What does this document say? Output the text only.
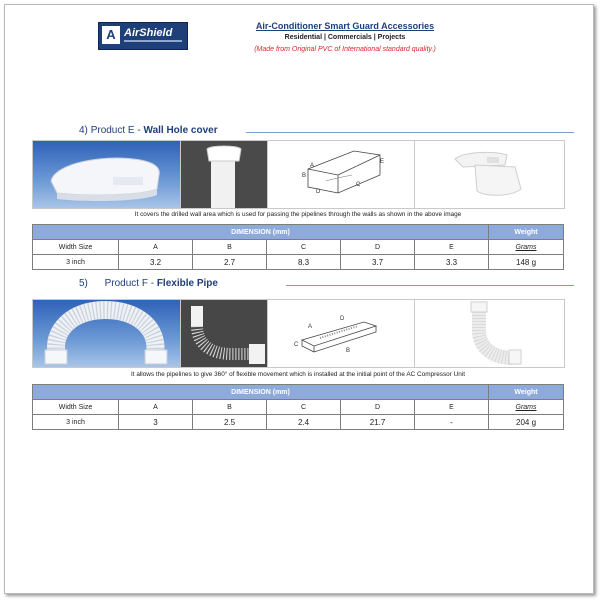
A AirShield
Air-Conditioner Smart Guard Accessories
Residential | Commercials | Projects
(Made from Original PVC of International standard quality.)
4) Product E - Wall Hole cover
A
B
C
D
E
It covers the drilled wall area which is used for passing the pipelines through the walls as shown in the above image
DIMENSION (mm)						Weight
Width Size	A	B	C	D	E	Grams
3 inch	3.2	2.7	8.3	3.7	3.3	148 g
5) Product F - Flexible Pipe
A
B
C
D
It allows the pipelines to give 360° of flexible movement which is installed at the initial point of the AC Compressor Unit
DIMENSION (mm)						Weight
Width Size	A	B	C	D	E	Grams
3 inch	3	2.5	2.4	21.7	-	204 g
